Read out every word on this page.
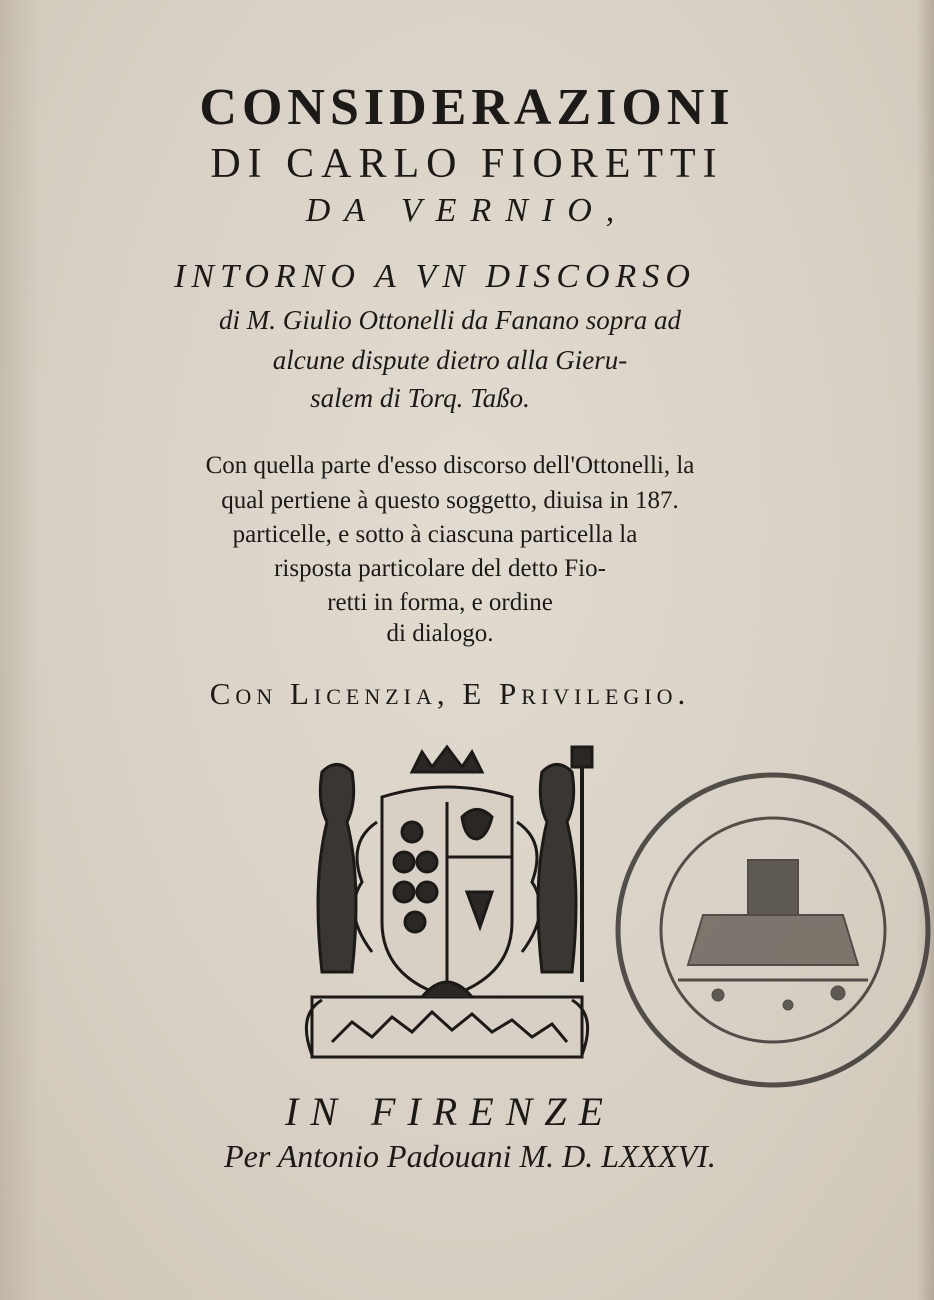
CONSIDERAZIONI
DI CARLO FIORETTI
DA VERNIO,
INTORNO A VN DISCORSO
di M. Giulio Ottonelli da Fanano sopra ad
alcune dispute dietro alla Gieru-
salem di Torq. Taßo.
Con quella parte d'esso discorso dell'Ottonelli, la
qual pertiene à questo soggetto, diuisa in 187.
particelle, e sotto à ciascuna particella la
risposta particolare del detto Fio-
retti in forma, e ordine
di dialogo.
Con Licenzia, E Privilegio.
IN FIRENZE
Per Antonio Padouani M. D. LXXXVI.
